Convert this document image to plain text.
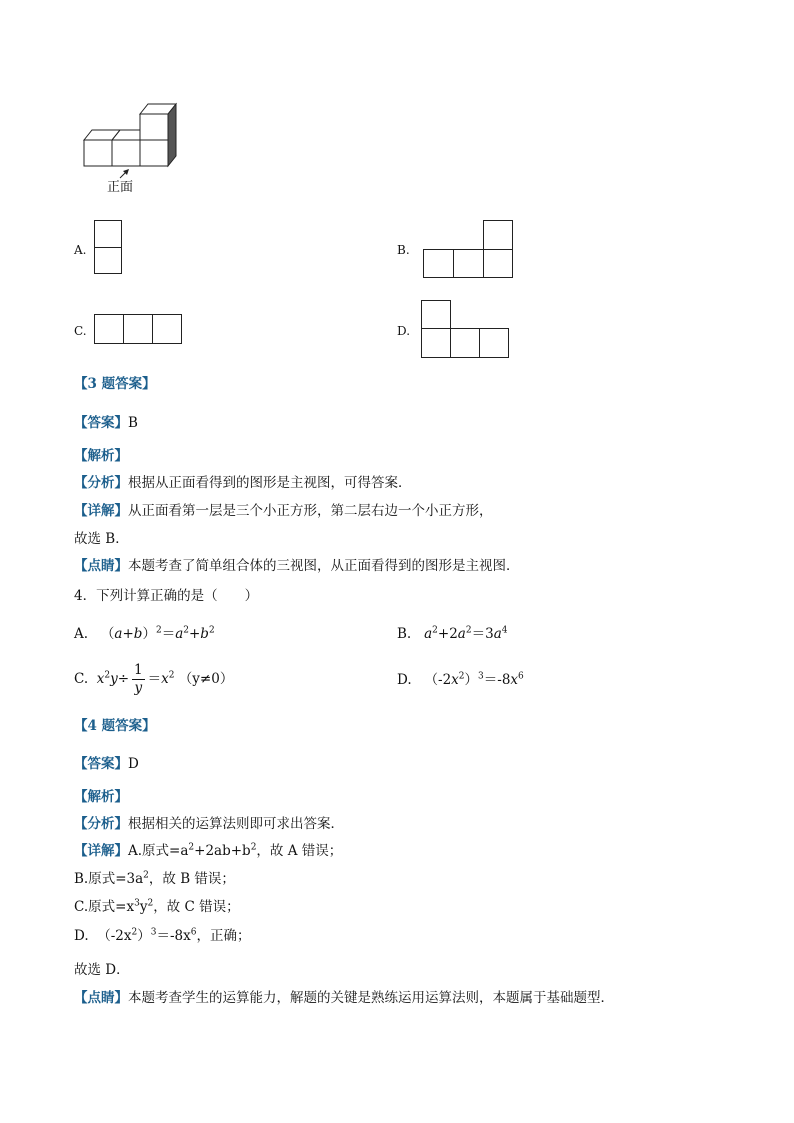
正面
A.	B.
C.	D.
【3 题答案】
【答案】B
【解析】
【分析】根据从正面看得到的图形是主视图，可得答案．
【详解】从正面看第一层是三个小正方形，第二层右边一个小正方形，
故选 B．
【点睛】本题考查了简单组合体的三视图，从正面看得到的图形是主视图．
4．下列计算正确的是（　　）
A.   $(a+b)^2=a^2+b^2$	B. $a^2+2a^2=3a^4$
C. $x^2y\div \frac{1}{y} =x^2$ （y≠0）	D.   $(-2x^2)^3=-8x^6$
【4 题答案】
【答案】D
【解析】
【分析】根据相关的运算法则即可求出答案．
【详解】A.原式$=a^2+2ab+b^2$，故 A 错误；
B.原式$=3a^2$，故 B 错误；
C.原式$=x^3y^2$，故 C 错误；
D.  $(-2x^2)^3=-8x^6$，正确；
故选 D．
【点睛】本题考查学生的运算能力，解题的关键是熟练运用运算法则，本题属于基础题型．
